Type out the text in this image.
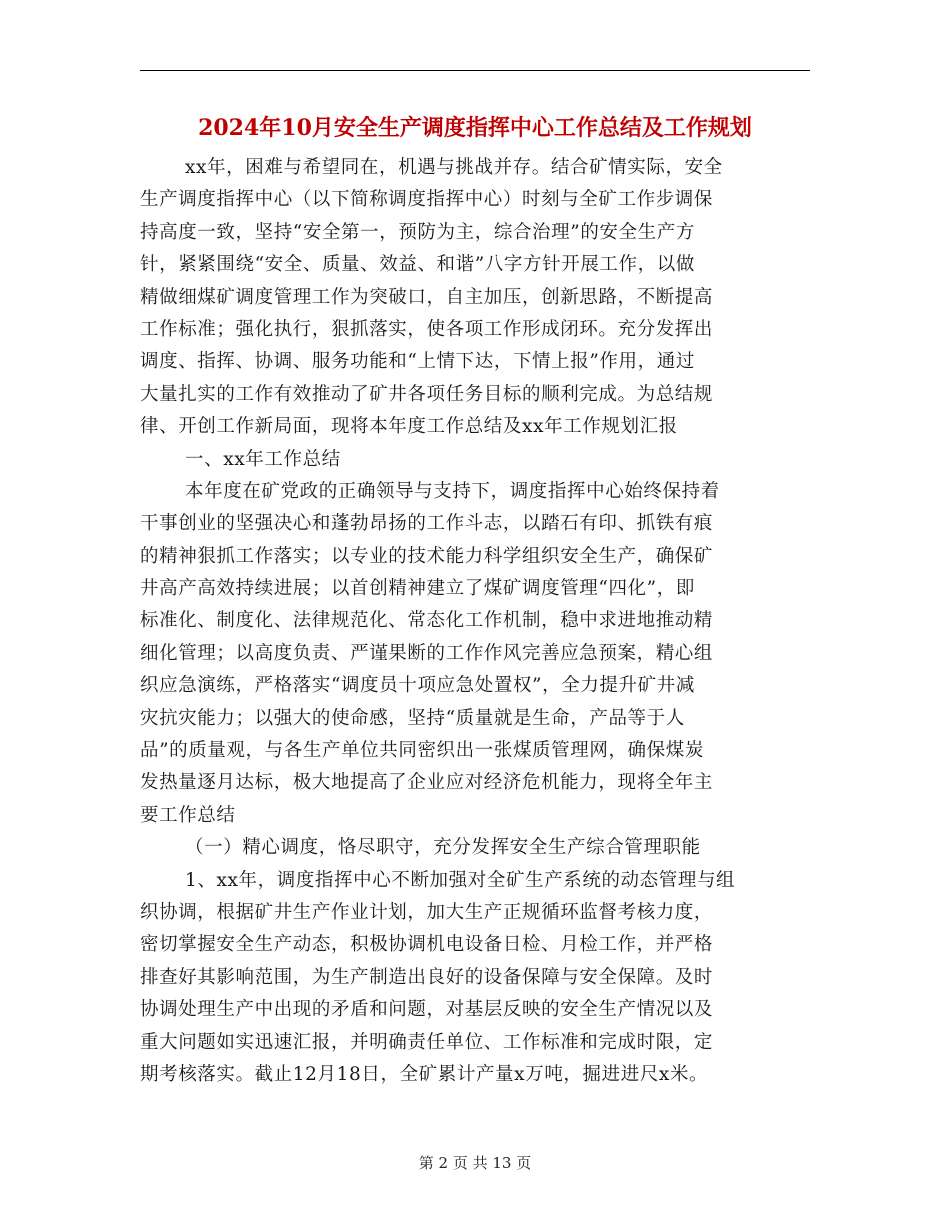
2024年10月安全生产调度指挥中心工作总结及工作规划
xx年，困难与希望同在，机遇与挑战并存。结合矿情实际，安全
生产调度指挥中心（以下简称调度指挥中心）时刻与全矿工作步调保
持高度一致，坚持“安全第一，预防为主，综合治理”的安全生产方
针，紧紧围绕“安全、质量、效益、和谐”八字方针开展工作，以做
精做细煤矿调度管理工作为突破口，自主加压，创新思路，不断提高
工作标准；强化执行，狠抓落实，使各项工作形成闭环。充分发挥出
调度、指挥、协调、服务功能和“上情下达，下情上报”作用，通过
大量扎实的工作有效推动了矿井各项任务目标的顺利完成。为总结规
律、开创工作新局面，现将本年度工作总结及xx年工作规划汇报
一、xx年工作总结
本年度在矿党政的正确领导与支持下，调度指挥中心始终保持着
干事创业的坚强决心和蓬勃昂扬的工作斗志，以踏石有印、抓铁有痕
的精神狠抓工作落实；以专业的技术能力科学组织安全生产，确保矿
井高产高效持续进展；以首创精神建立了煤矿调度管理“四化”，即
标准化、制度化、法律规范化、常态化工作机制，稳中求进地推动精
细化管理；以高度负责、严谨果断的工作作风完善应急预案，精心组
织应急演练，严格落实“调度员十项应急处置权”，全力提升矿井减
灾抗灾能力；以强大的使命感，坚持“质量就是生命，产品等于人
品”的质量观，与各生产单位共同密织出一张煤质管理网，确保煤炭
发热量逐月达标，极大地提高了企业应对经济危机能力，现将全年主
要工作总结
（一）精心调度，恪尽职守，充分发挥安全生产综合管理职能
1、xx年，调度指挥中心不断加强对全矿生产系统的动态管理与组
织协调，根据矿井生产作业计划，加大生产正规循环监督考核力度，
密切掌握安全生产动态，积极协调机电设备日检、月检工作，并严格
排查好其影响范围，为生产制造出良好的设备保障与安全保障。及时
协调处理生产中出现的矛盾和问题，对基层反映的安全生产情况以及
重大问题如实迅速汇报，并明确责任单位、工作标准和完成时限，定
期考核落实。截止12月18日，全矿累计产量x万吨，掘进进尺x米。
第 2 页 共 13 页
